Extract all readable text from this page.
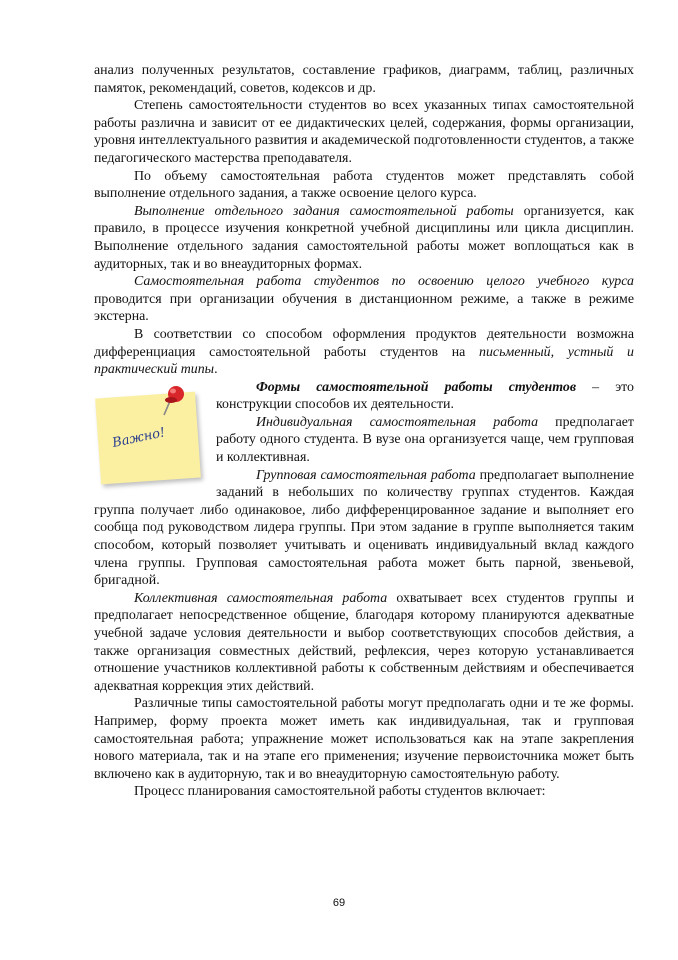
анализ полученных результатов, составление графиков, диаграмм, таблиц, различных памяток, рекомендаций, советов, кодексов и др.

Степень самостоятельности студентов во всех указанных типах самостоятельной работы различна и зависит от ее дидактических целей, содержания, формы организации, уровня интеллектуального развития и академической подготовленности студентов, а также педагогического мастерства преподавателя.

По объему самостоятельная работа студентов может представлять собой выполнение отдельного задания, а также освоение целого курса.

Выполнение отдельного задания самостоятельной работы организуется, как правило, в процессе изучения конкретной учебной дисциплины или цикла дисциплин. Выполнение отдельного задания самостоятельной работы может воплощаться как в аудиторных, так и во внеаудиторных формах.

Самостоятельная работа студентов по освоению целого учебного курса проводится при организации обучения в дистанционном режиме, а также в режиме экстерна.

В соответствии со способом оформления продуктов деятельности возможна дифференциация самостоятельной работы студентов на письменный, устный и практический типы.

Важно!

Формы самостоятельной работы студентов – это конструкции способов их деятельности.

Индивидуальная самостоятельная работа предполагает работу одного студента. В вузе она организуется чаще, чем групповая и коллективная.

Групповая самостоятельная работа предполагает выполнение заданий в небольших по количеству группах студентов. Каждая группа получает либо одинаковое, либо дифференцированное задание и выполняет его сообща под руководством лидера группы. При этом задание в группе выполняется таким способом, который позволяет учитывать и оценивать индивидуальный вклад каждого члена группы. Групповая самостоятельная работа может быть парной, звеньевой, бригадной.

Коллективная самостоятельная работа охватывает всех студентов группы и предполагает непосредственное общение, благодаря которому планируются адекватные учебной задаче условия деятельности и выбор соответствующих способов действия, а также организация совместных действий, рефлексия, через которую устанавливается отношение участников коллективной работы к собственным действиям и обеспечивается адекватная коррекция этих действий.

Различные типы самостоятельной работы могут предполагать одни и те же формы. Например, форму проекта может иметь как индивидуальная, так и групповая самостоятельная работа; упражнение может использоваться как на этапе закрепления нового материала, так и на этапе его применения; изучение первоисточника может быть включено как в аудиторную, так и во внеаудиторную самостоятельную работу.

Процесс планирования самостоятельной работы студентов включает:

69
